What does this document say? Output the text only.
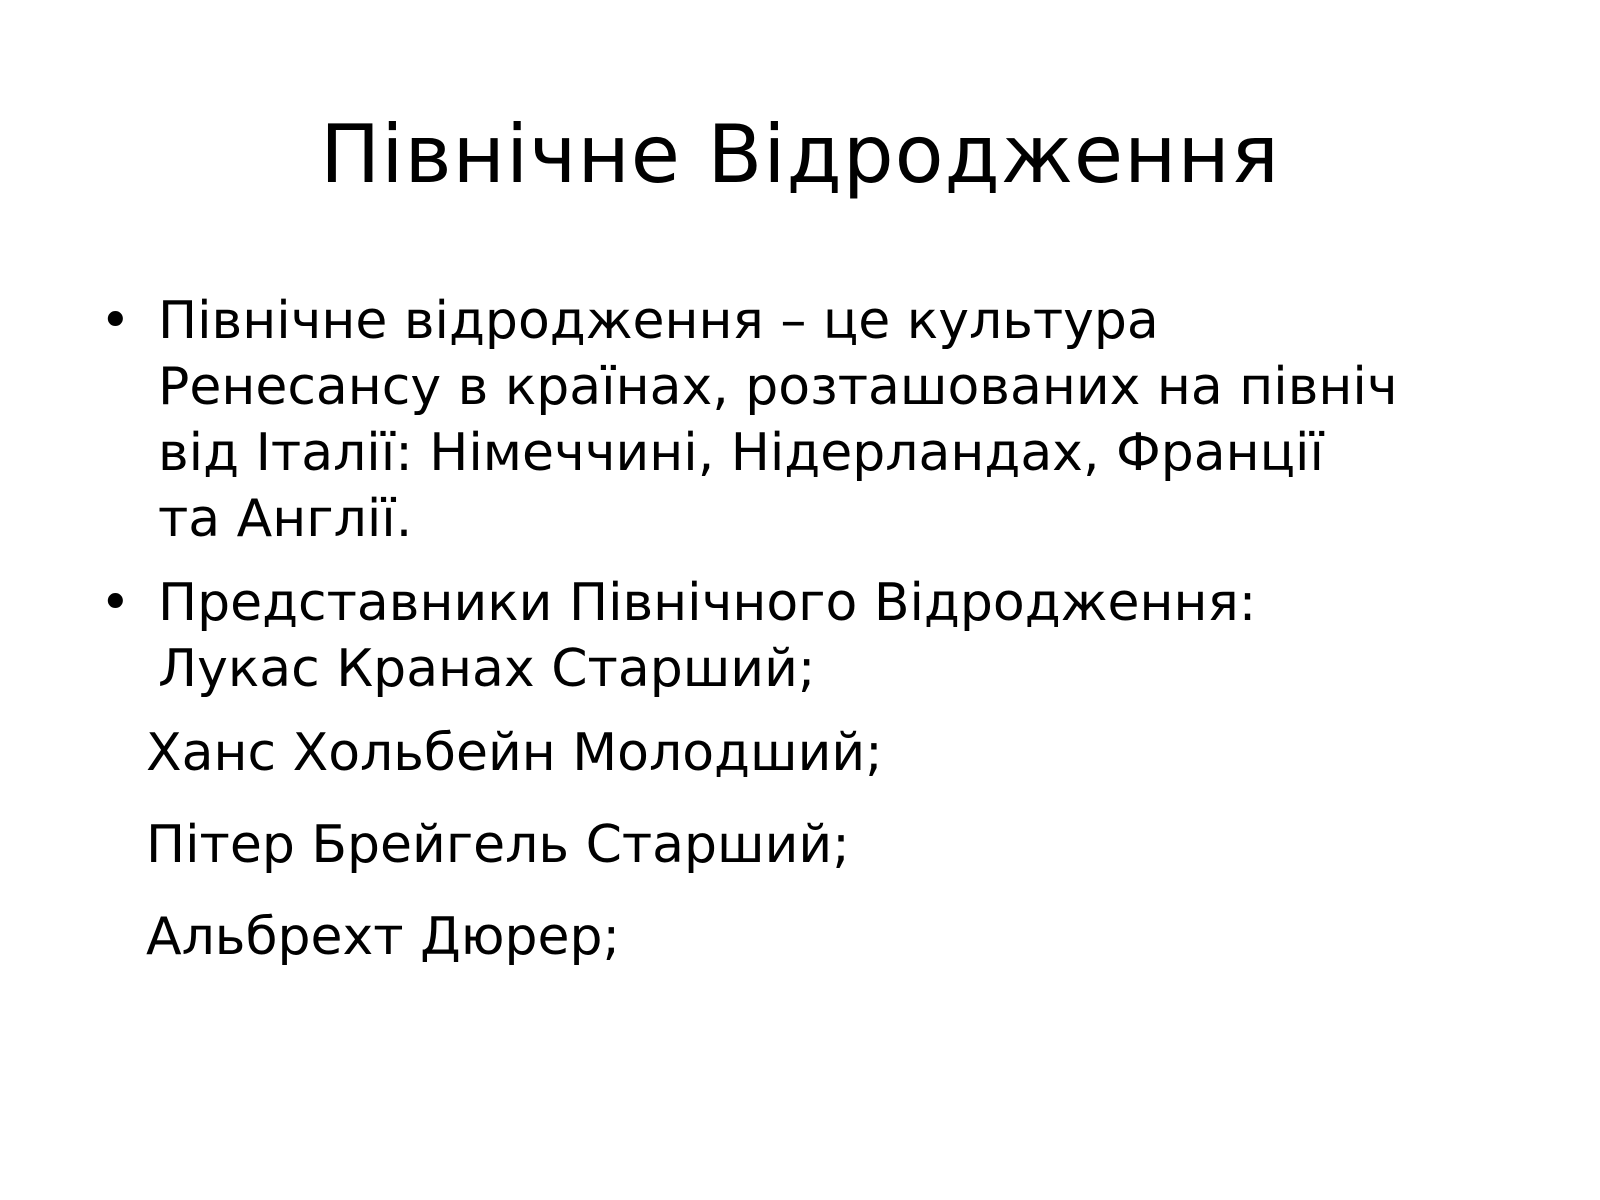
Північне Відродження
• Північне відродження – це культура
Ренесансу в країнах, розташованих на північ
від Італії: Німеччині, Нідерландах, Франції
та Англії.
• Представники Північного Відродження:
Лукас Кранах Старший;
Ханс Хольбейн Молодший;
Пітер Брейгель Старший;
Альбрехт Дюрер;
